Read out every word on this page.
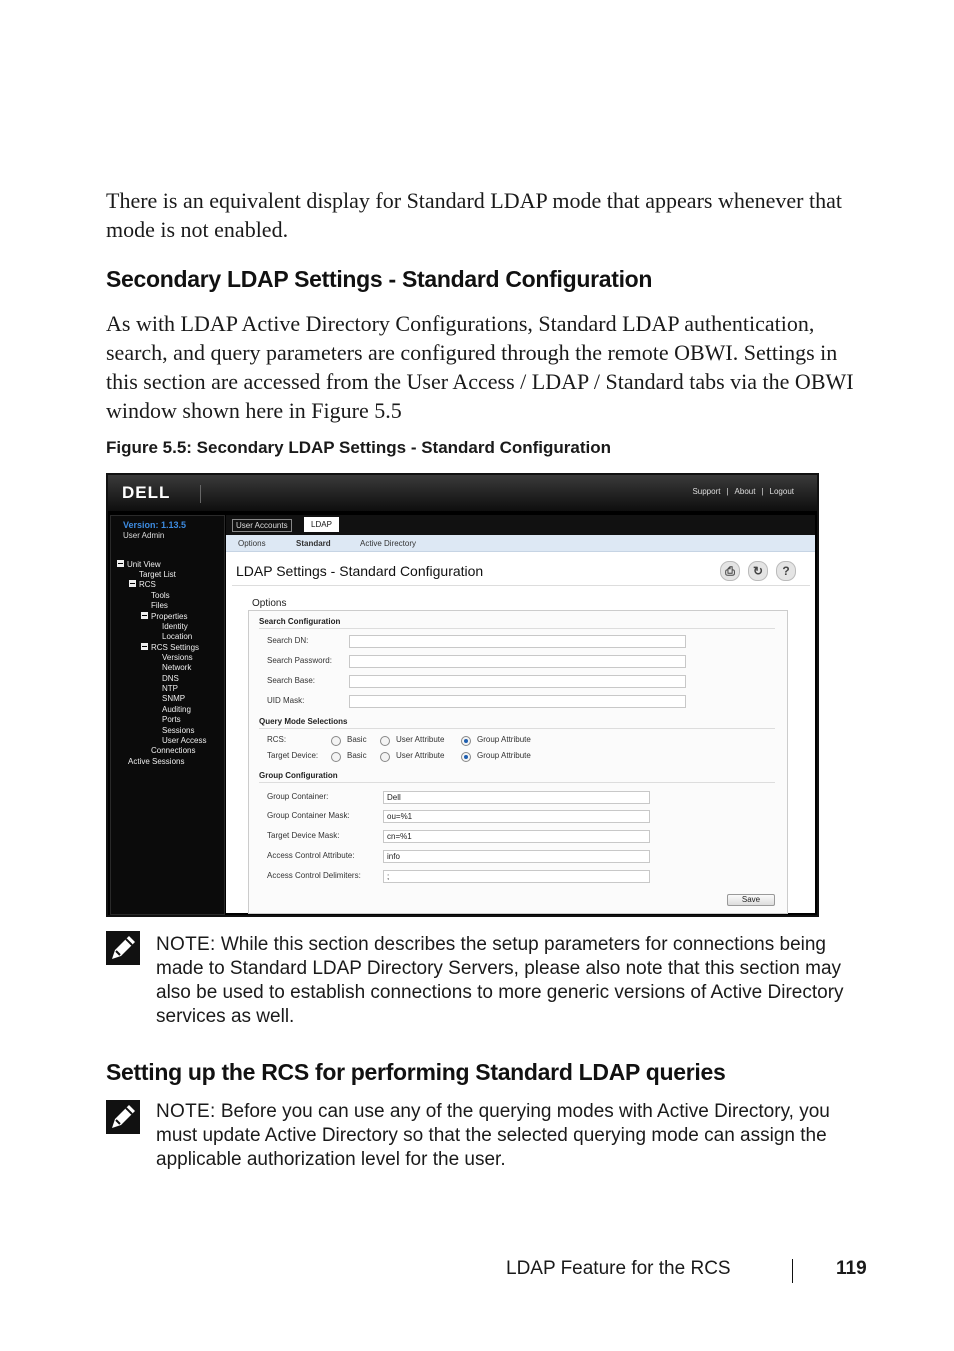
There is an equivalent display for Standard LDAP mode that appears whenever that mode is not enabled.
Secondary LDAP Settings - Standard Configuration
As with LDAP Active Directory Configurations, Standard LDAP authentication, search, and query parameters are configured through the remote OBWI. Settings in this section are accessed from the User Access / LDAP / Standard tabs via the OBWI window shown here in Figure 5.5
Figure 5.5: Secondary LDAP Settings - Standard Configuration
DELL	Support | About | Logout
Version: 1.13.5
User Admin
Unit View
Target List
RCS
Tools
Files
Properties
Identity
Location
RCS Settings
Versions
Network
DNS
NTP
SNMP
Auditing
Ports
Sessions
User Access
Connections
Active Sessions
User Accounts	LDAP
Options	Standard	Active Directory
LDAP Settings - Standard Configuration	⎙	↻	?
Options
Search Configuration
Search DN:
Search Password:
Search Base:
UID Mask:
Query Mode Selections
RCS:	Basic	User Attribute	Group Attribute
Target Device:	Basic	User Attribute	Group Attribute
Group Configuration
Group Container:	Dell
Group Container Mask:	ou=%1
Target Device Mask:	cn=%1
Access Control Attribute:	info
Access Control Delimiters:	;
Save
NOTE: While this section describes the setup parameters for connections being made to Standard LDAP Directory Servers, please also note that this section may also be used to establish connections to more generic versions of Active Directory services as well.
Setting up the RCS for performing Standard LDAP queries
NOTE: Before you can use any of the querying modes with Active Directory, you must update Active Directory so that the selected querying mode can assign the applicable authorization level for the user.
LDAP Feature for the RCS	119
